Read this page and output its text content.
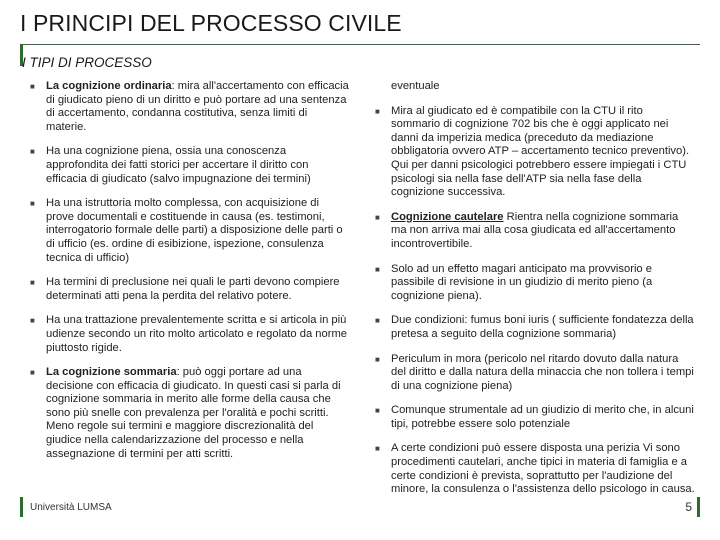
I PRINCIPI DEL PROCESSO CIVILE
I TIPI DI PROCESSO
■ La cognizione ordinaria: mira all'accertamento con efficacia di giudicato pieno di un diritto e può portare ad una sentenza di accertamento, condanna costitutiva, senza limiti di materie.
■ Ha una cognizione piena, ossia una conoscenza approfondita dei fatti storici per accertare il diritto con efficacia di giudicato (salvo impugnazione dei termini)
■ Ha una istruttoria molto complessa, con acquisizione di prove documentali e costituende in causa (es. testimoni, interrogatorio formale delle parti) a disposizione delle parti o di ufficio (es. ordine di esibizione, ispezione, consulenza tecnica di ufficio)
■ Ha termini di preclusione nei quali le parti devono compiere determinati atti pena la perdita del relativo potere.
■ Ha una trattazione prevalentemente scritta e si articola in più udienze secondo un rito molto articolato e regolato da norme piuttosto rigide.
■ La cognizione sommaria: può oggi portare ad una decisione con efficacia di giudicato. In questi casi si parla di cognizione sommaria in merito alle forme della causa che sono più snelle con prevalenza per l'oralità e pochi scritti. Meno regole sui termini e maggiore discrezionalità del giudice nella calendarizzazione del processo e nella assegnazione di termini per atti scritti.
eventuale
■ Mira al giudicato ed è compatibile con la CTU il rito sommario di cognizione 702 bis che è oggi applicato nei danni da imperizia medica (preceduto da mediazione obbligatoria ovvero ATP – accertamento tecnico preventivo). Qui per danni psicologici potrebbero essere impiegati i CTU psicologi sia nella fase dell'ATP sia nella fase della cognizione successiva.
■ Cognizione cautelare Rientra nella cognizione sommaria ma non arriva mai alla cosa giudicata ed all'accertamento incontrovertibile.
■ Solo ad un effetto magari anticipato ma provvisorio e passibile di revisione in un giudizio di merito pieno (a cognizione piena).
■ Due condizioni: fumus boni iuris ( sufficiente fondatezza della pretesa a seguito della cognizione sommaria)
■ Periculum in mora (pericolo nel ritardo dovuto dalla natura del diritto e dalla natura della minaccia che non tollera i tempi di una cognizione piena)
■ Comunque strumentale ad un giudizio di merito che, in alcuni tipi, potrebbe essere solo potenziale
■ A certe condizioni può essere disposta una perizia Vi sono procedimenti cautelari, anche tipici in materia di famiglia e a certe condizioni è prevista, soprattutto per l'audizione del minore, la consulenza o l'assistenza dello psicologo in causa.
Università LUMSA	5
